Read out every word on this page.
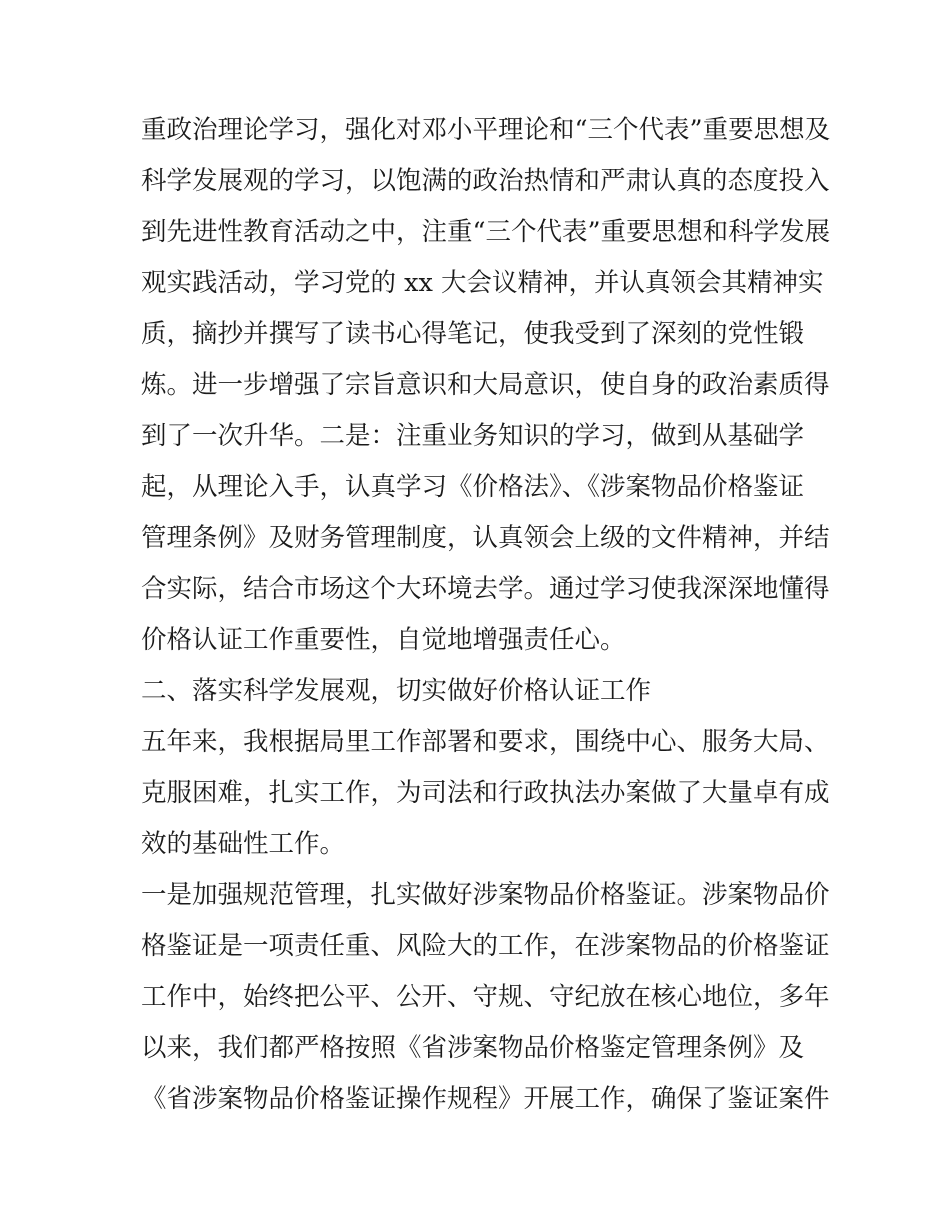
重政治理论学习，强化对邓小平理论和“三个代表”重要思想及
科学发展观的学习，以饱满的政治热情和严肃认真的态度投入
到先进性教育活动之中，注重“三个代表”重要思想和科学发展
观实践活动，学习党的 xx 大会议精神，并认真领会其精神实
质，摘抄并撰写了读书心得笔记，使我受到了深刻的党性锻
炼。进一步增强了宗旨意识和大局意识，使自身的政治素质得
到了一次升华。二是：注重业务知识的学习，做到从基础学
起，从理论入手，认真学习《价格法》、《涉案物品价格鉴证
管理条例》及财务管理制度，认真领会上级的文件精神，并结
合实际，结合市场这个大环境去学。通过学习使我深深地懂得
价格认证工作重要性，自觉地增强责任心。
二、落实科学发展观，切实做好价格认证工作
五年来，我根据局里工作部署和要求，围绕中心、服务大局、
克服困难，扎实工作，为司法和行政执法办案做了大量卓有成
效的基础性工作。
一是加强规范管理，扎实做好涉案物品价格鉴证。涉案物品价
格鉴证是一项责任重、风险大的工作，在涉案物品的价格鉴证
工作中，始终把公平、公开、守规、守纪放在核心地位，多年
以来，我们都严格按照《省涉案物品价格鉴定管理条例》及
《省涉案物品价格鉴证操作规程》开展工作，确保了鉴证案件
